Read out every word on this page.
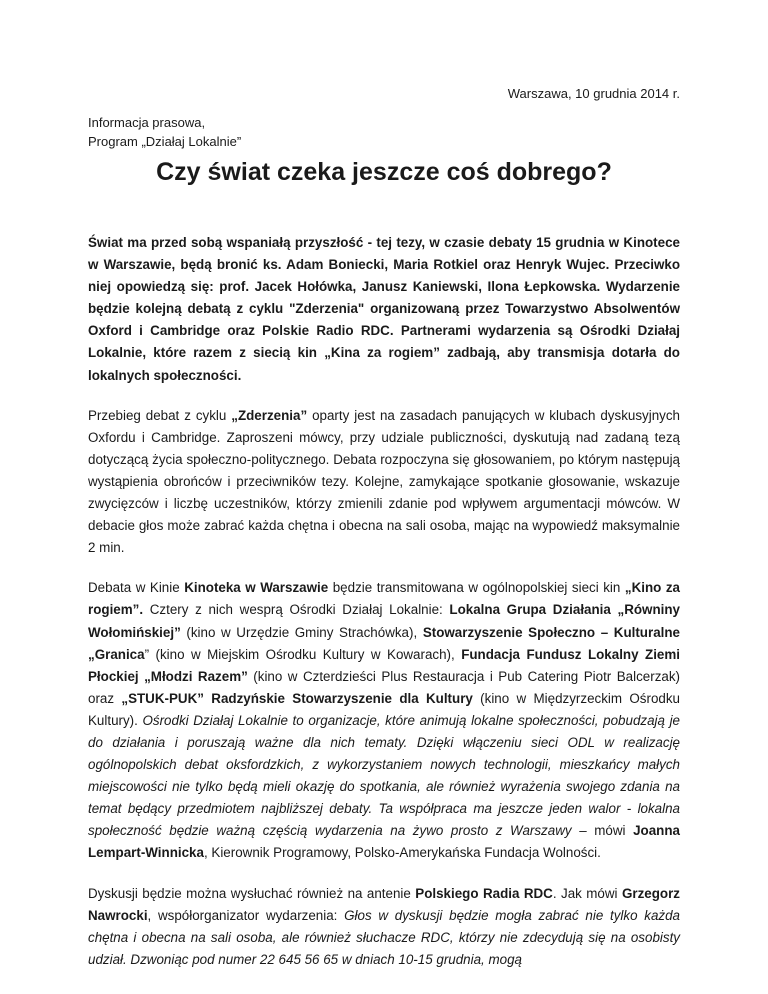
Warszawa, 10 grudnia 2014 r.
Informacja prasowa,
Program „Działaj Lokalnie”
Czy świat czeka jeszcze coś dobrego?

Świat ma przed sobą wspaniałą przyszłość - tej tezy, w czasie debaty 15 grudnia w Kinotece w Warszawie, będą bronić ks. Adam Boniecki, Maria Rotkiel oraz Henryk Wujec. Przeciwko niej opowiedzą się: prof. Jacek Hołówka, Janusz Kaniewski, Ilona Łepkowska. Wydarzenie będzie kolejną debatą z cyklu "Zderzenia" organizowaną przez Towarzystwo Absolwentów Oxford i Cambridge oraz Polskie Radio RDC. Partnerami wydarzenia są Ośrodki Działaj Lokalnie, które razem z siecią kin „Kina za rogiem” zadbają, aby transmisja dotarła do lokalnych społeczności.

Przebieg debat z cyklu „Zderzenia” oparty jest na zasadach panujących w klubach dyskusyjnych Oxfordu i Cambridge. Zaproszeni mówcy, przy udziale publiczności, dyskutują nad zadaną tezą dotyczącą życia społeczno-politycznego. Debata rozpoczyna się głosowaniem, po którym następują wystąpienia obrońców i przeciwników tezy. Kolejne, zamykające spotkanie głosowanie, wskazuje zwycięzców i liczbę uczestników, którzy zmienili zdanie pod wpływem argumentacji mówców. W debacie głos może zabrać każda chętna i obecna na sali osoba, mając na wypowiedź maksymalnie 2 min.

Debata w Kinie Kinoteka w Warszawie będzie transmitowana w ogólnopolskiej sieci kin „Kino za rogiem”. Cztery z nich wesprą Ośrodki Działaj Lokalnie: Lokalna Grupa Działania „Równiny Wołomińskiej” (kino w Urzędzie Gminy Strachówka), Stowarzyszenie Społeczno – Kulturalne „Granica” (kino w Miejskim Ośrodku Kultury w Kowarach), Fundacja Fundusz Lokalny Ziemi Płockiej „Młodzi Razem” (kino w Czterdzieści Plus Restauracja i Pub Catering Piotr Balcerzak) oraz „STUK-PUK” Radzyńskie Stowarzyszenie dla Kultury (kino w Międzyrzeckim Ośrodku Kultury). Ośrodki Działaj Lokalnie to organizacje, które animują lokalne społeczności, pobudzają je do działania i poruszają ważne dla nich tematy. Dzięki włączeniu sieci ODL w realizację ogólnopolskich debat oksfordzkich, z wykorzystaniem nowych technologii, mieszkańcy małych miejscowości nie tylko będą mieli okazję do spotkania, ale również wyrażenia swojego zdania na temat będący przedmiotem najbliższej debaty. Ta współpraca ma jeszcze jeden walor - lokalna społeczność będzie ważną częścią wydarzenia na żywo prosto z Warszawy – mówi Joanna Lempart-Winnicka, Kierownik Programowy, Polsko-Amerykańska Fundacja Wolności.

Dyskusji będzie można wysłuchać również na antenie Polskiego Radia RDC. Jak mówi Grzegorz Nawrocki, współorganizator wydarzenia: Głos w dyskusji będzie mogła zabrać nie tylko każda chętna i obecna na sali osoba, ale również słuchacze RDC, którzy nie zdecydują się na osobisty udział. Dzwoniąc pod numer 22 645 56 65 w dniach 10-15 grudnia, mogą
